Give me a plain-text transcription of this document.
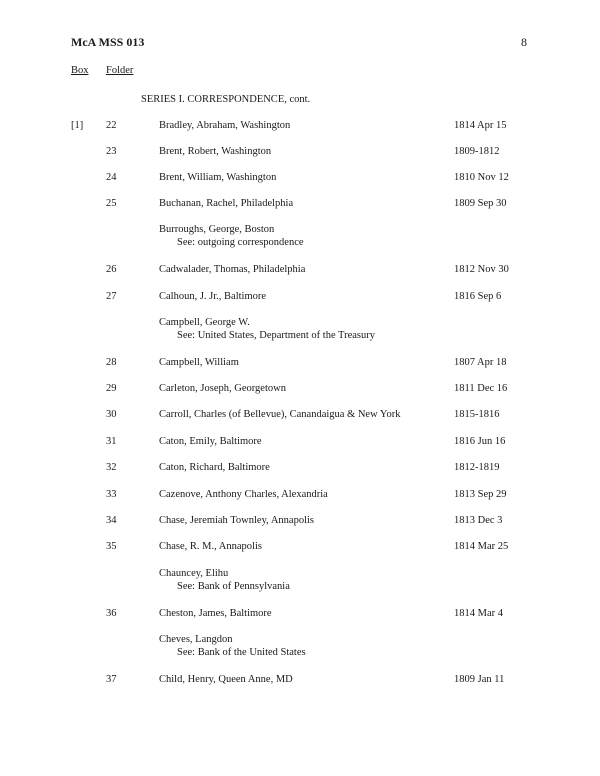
McA MSS 013	8
Box Folder
SERIES I. CORRESPONDENCE, cont.
[1] 22	Bradley, Abraham, Washington	1814 Apr 15
23	Brent, Robert, Washington	1809-1812
24	Brent, William, Washington	1810 Nov 12
25	Buchanan, Rachel, Philadelphia	1809 Sep 30
Burroughs, George, Boston
See: outgoing correspondence
26	Cadwalader, Thomas, Philadelphia	1812 Nov 30
27	Calhoun, J. Jr., Baltimore	1816 Sep 6
Campbell, George W.
See: United States, Department of the Treasury
28	Campbell, William	1807 Apr 18
29	Carleton, Joseph, Georgetown	1811 Dec 16
30	Carroll, Charles (of Bellevue), Canandaigua & New York	1815-1816
31	Caton, Emily, Baltimore	1816 Jun 16
32	Caton, Richard, Baltimore	1812-1819
33	Cazenove, Anthony Charles, Alexandria	1813 Sep 29
34	Chase, Jeremiah Townley, Annapolis	1813 Dec 3
35	Chase, R. M., Annapolis	1814 Mar 25
Chauncey, Elihu
See: Bank of Pennsylvania
36	Cheston, James, Baltimore	1814 Mar 4
Cheves, Langdon
See: Bank of the United States
37	Child, Henry, Queen Anne, MD	1809 Jan 11
